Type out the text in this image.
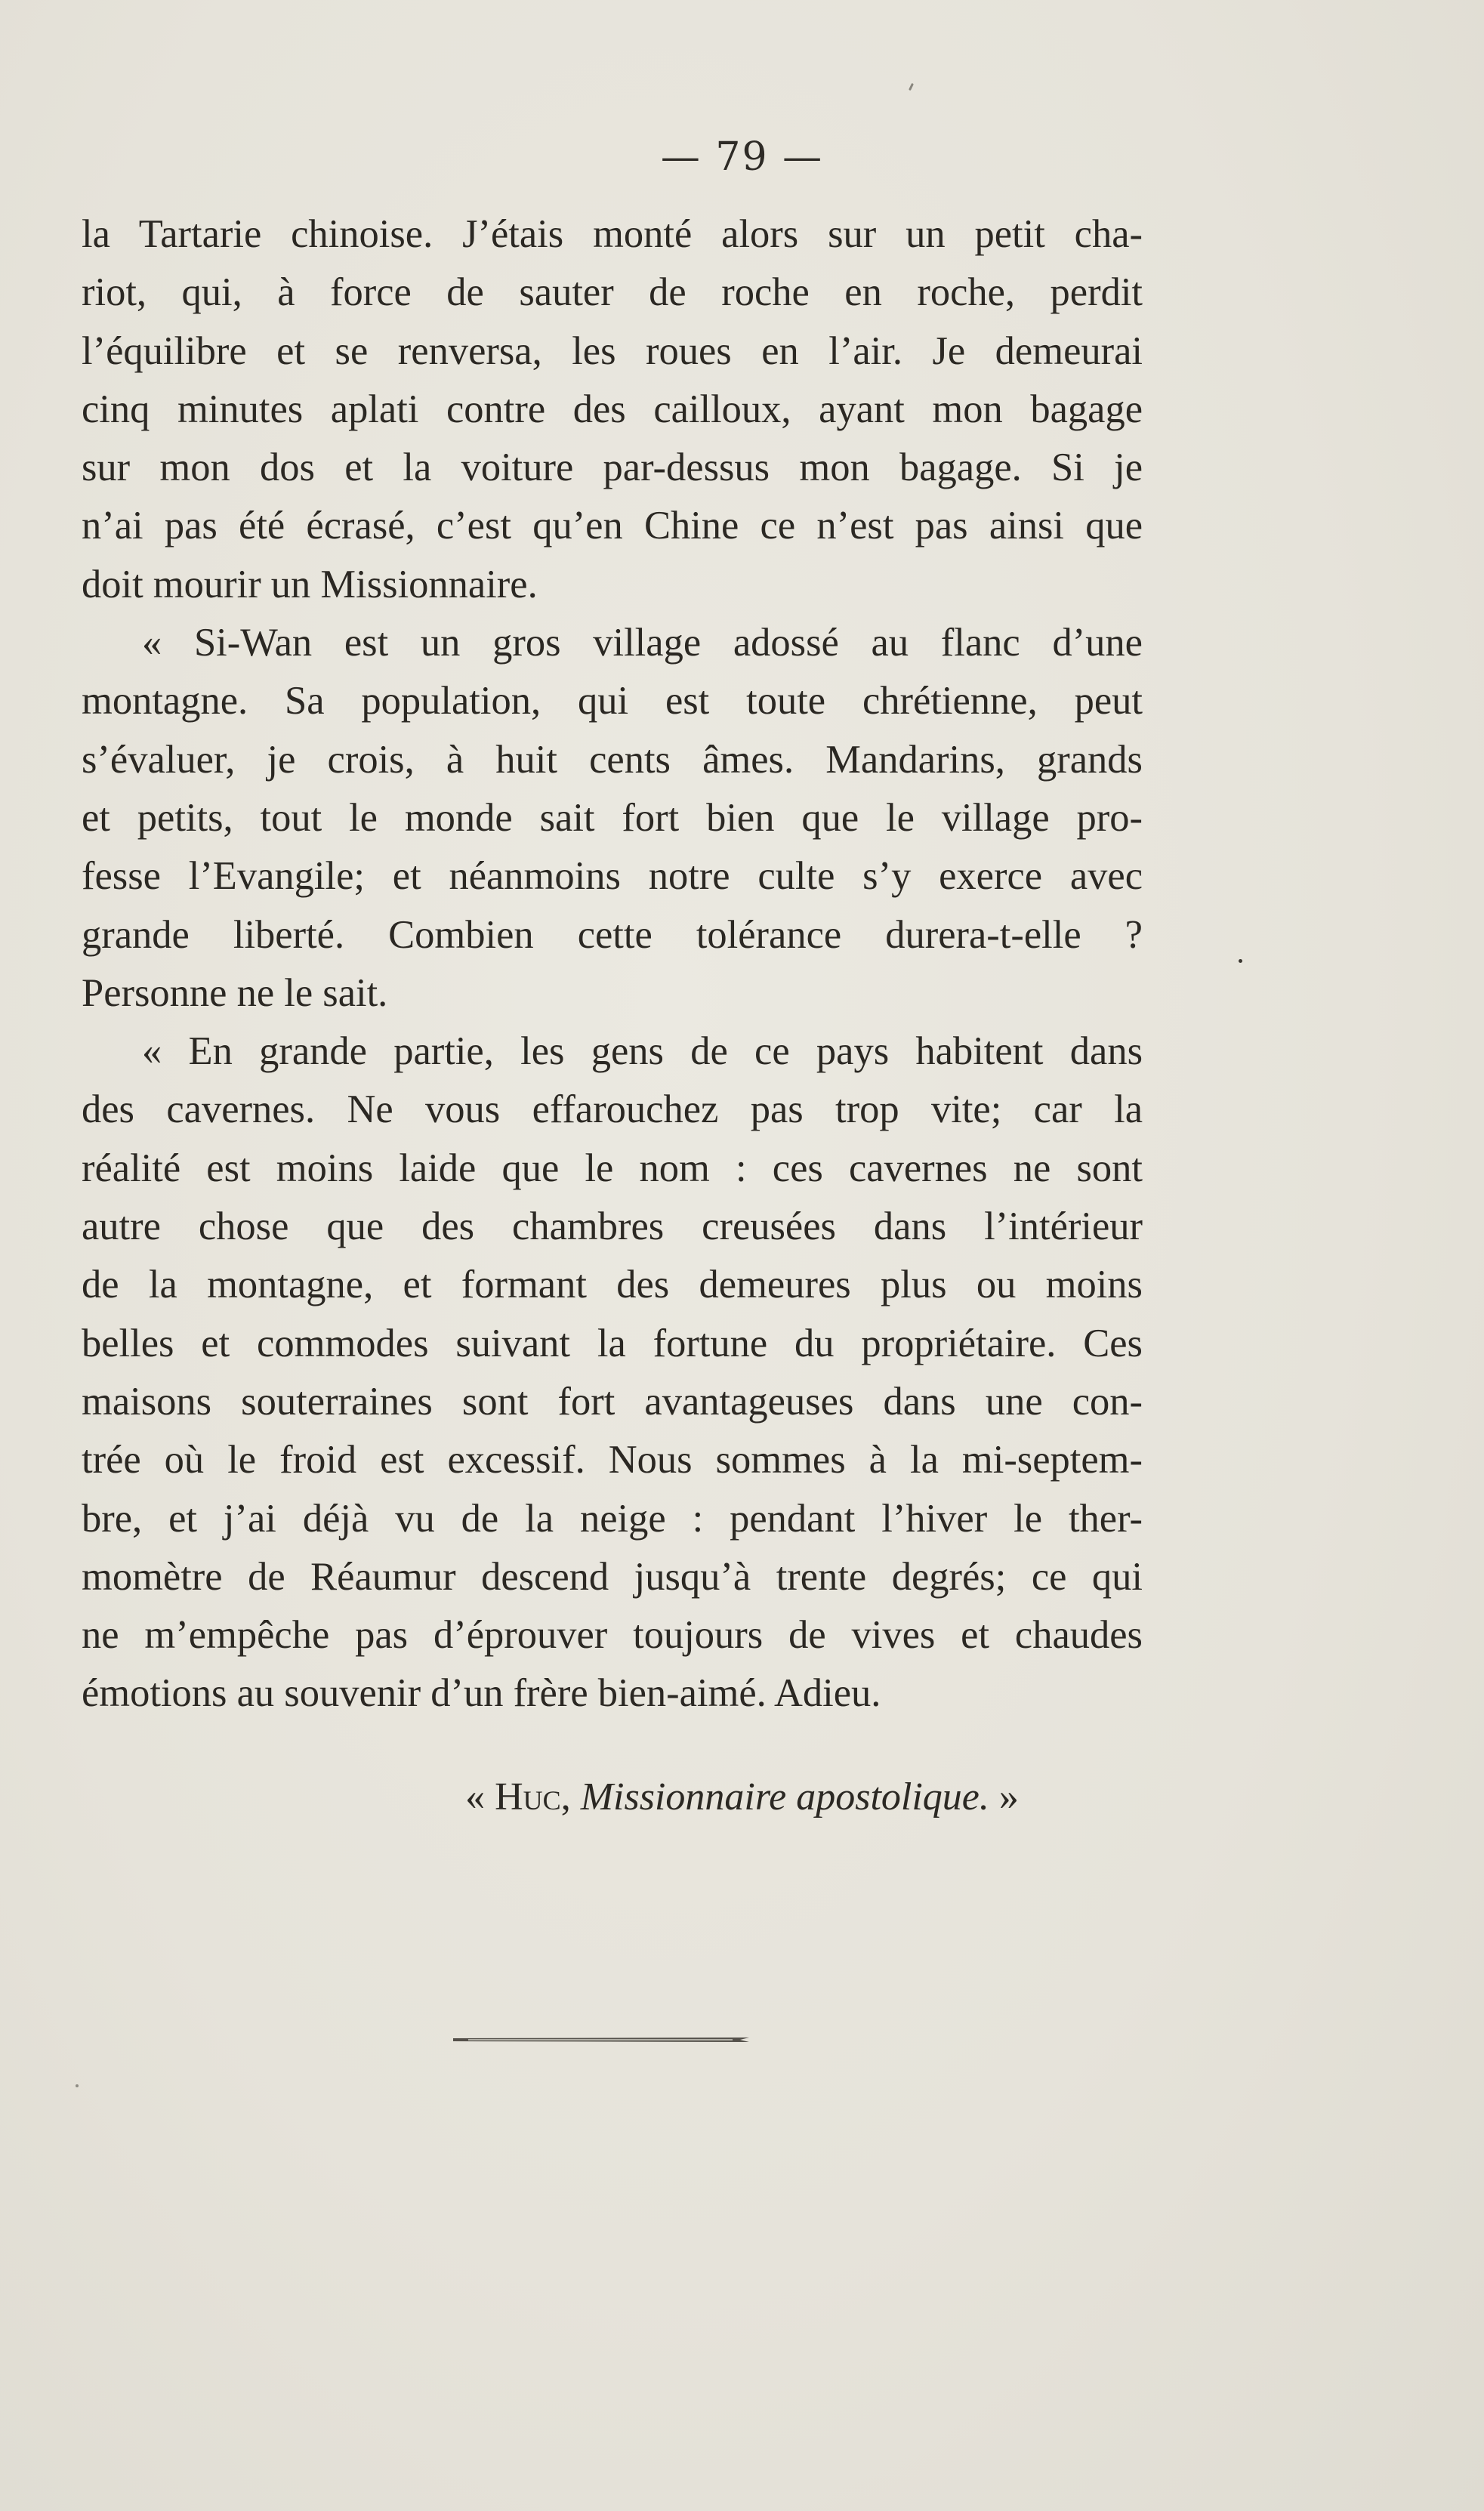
— 79 —
la Tartarie chinoise. J’étais monté alors sur un petit cha-
riot, qui, à force de sauter de roche en roche, perdit
l’équilibre et se renversa, les roues en l’air. Je demeurai
cinq minutes aplati contre des cailloux, ayant mon bagage
sur mon dos et la voiture par-dessus mon bagage. Si je
n’ai pas été écrasé, c’est qu’en Chine ce n’est pas ainsi que
doit mourir un Missionnaire.
« Si-Wan est un gros village adossé au flanc d’une
montagne. Sa population, qui est toute chrétienne, peut
s’évaluer, je crois, à huit cents âmes. Mandarins, grands
et petits, tout le monde sait fort bien que le village pro-
fesse l’Evangile; et néanmoins notre culte s’y exerce avec
grande liberté. Combien cette tolérance durera-t-elle ?
Personne ne le sait.
« En grande partie, les gens de ce pays habitent dans
des cavernes. Ne vous effarouchez pas trop vite; car la
réalité est moins laide que le nom : ces cavernes ne sont
autre chose que des chambres creusées dans l’intérieur
de la montagne, et formant des demeures plus ou moins
belles et commodes suivant la fortune du propriétaire. Ces
maisons souterraines sont fort avantageuses dans une con-
trée où le froid est excessif. Nous sommes à la mi-septem-
bre, et j’ai déjà vu de la neige : pendant l’hiver le ther-
momètre de Réaumur descend jusqu’à trente degrés; ce qui
ne m’empêche pas d’éprouver toujours de vives et chaudes
émotions au souvenir d’un frère bien-aimé. Adieu.
« Huc, Missionnaire apostolique. »
